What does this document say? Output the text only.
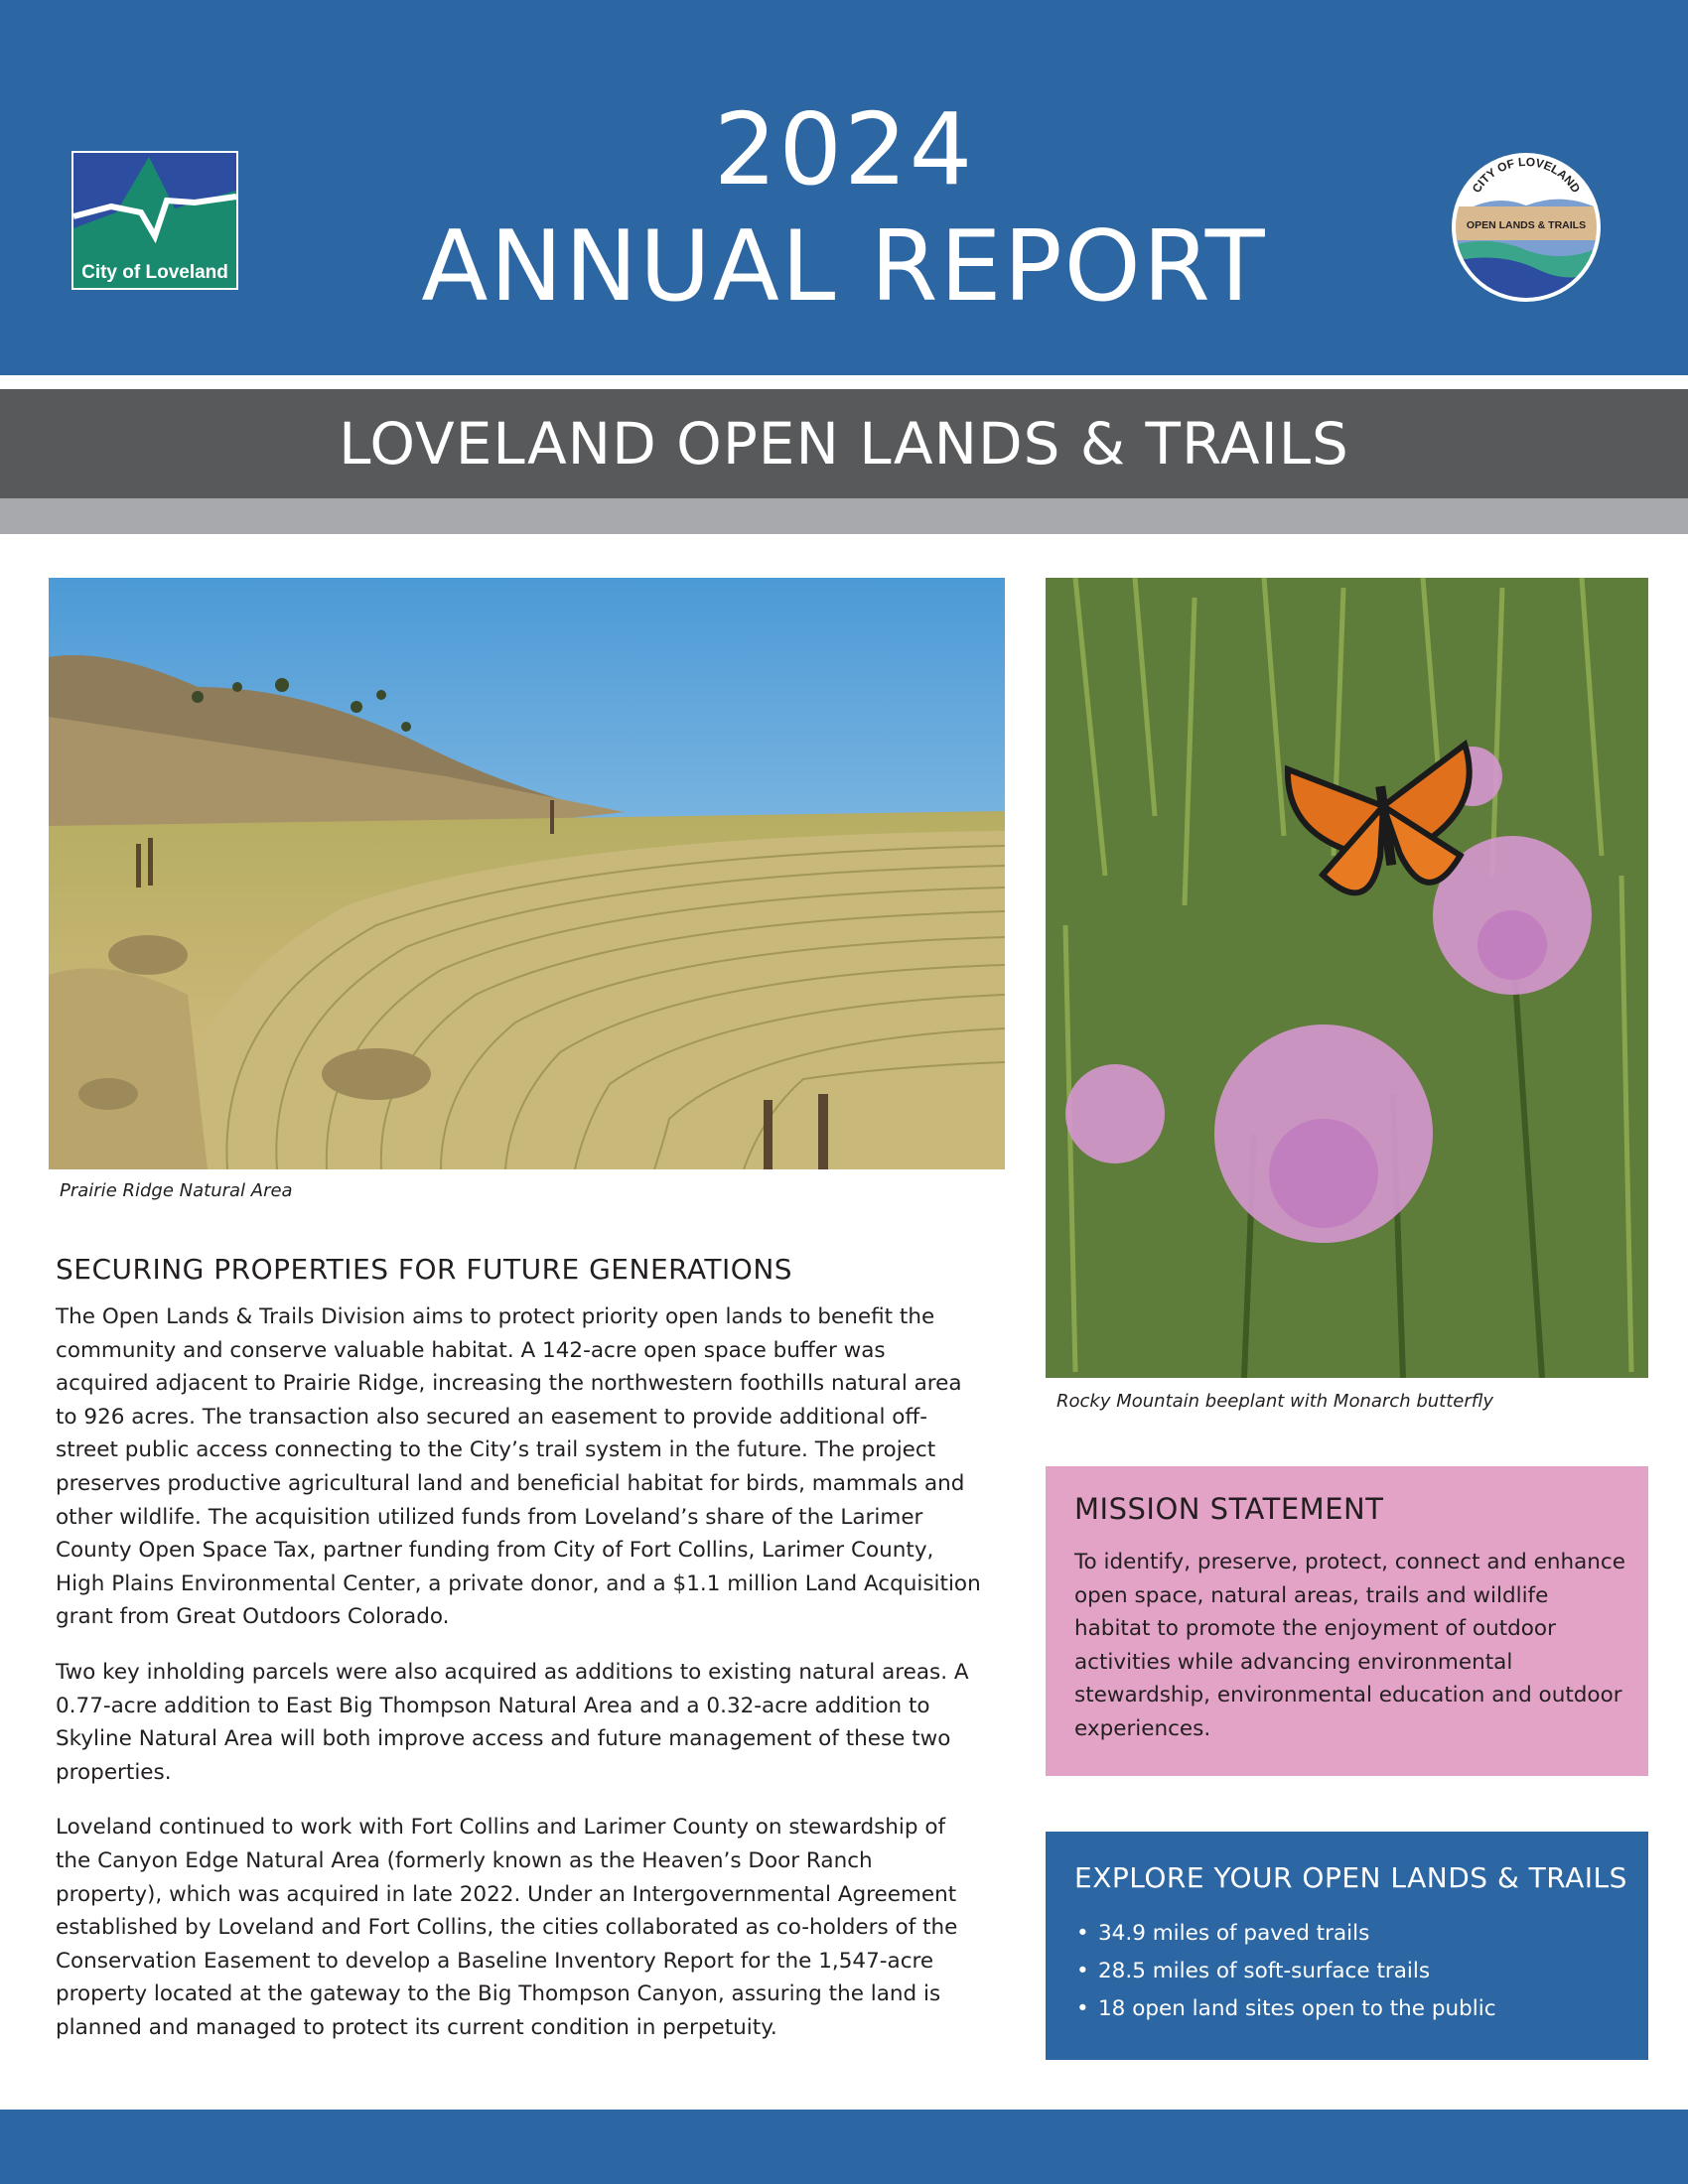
City of Loveland
2024
ANNUAL REPORT
CITY OF LOVELAND
OPEN LANDS & TRAILS
LOVELAND OPEN LANDS & TRAILS
Prairie Ridge Natural Area
Rocky Mountain beeplant with Monarch butterfly
SECURING PROPERTIES FOR FUTURE GENERATIONS

The Open Lands & Trails Division aims to protect priority open lands to benefit the community and conserve valuable habitat. A 142-acre open space buffer was acquired adjacent to Prairie Ridge, increasing the northwestern foothills natural area to 926 acres. The transaction also secured an easement to provide additional off-street public access connecting to the City’s trail system in the future. The project preserves productive agricultural land and beneficial habitat for birds, mammals and other wildlife. The acquisition utilized funds from Loveland’s share of the Larimer County Open Space Tax, partner funding from City of Fort Collins, Larimer County, High Plains Environmental Center, a private donor, and a $1.1 million Land Acquisition grant from Great Outdoors Colorado.

Two key inholding parcels were also acquired as additions to existing natural areas. A 0.77-acre addition to East Big Thompson Natural Area and a 0.32-acre addition to Skyline Natural Area will both improve access and future management of these two properties.

Loveland continued to work with Fort Collins and Larimer County on stewardship of the Canyon Edge Natural Area (formerly known as the Heaven’s Door Ranch property), which was acquired in late 2022. Under an Intergovernmental Agreement established by Loveland and Fort Collins, the cities collaborated as co-holders of the Conservation Easement to develop a Baseline Inventory Report for the 1,547-acre property located at the gateway to the Big Thompson Canyon, assuring the land is planned and managed to protect its current condition in perpetuity.

MISSION STATEMENT

To identify, preserve, protect, connect and enhance open space, natural areas, trails and wildlife habitat to promote the enjoyment of outdoor activities while advancing environmental stewardship, environmental education and outdoor experiences.

EXPLORE YOUR OPEN LANDS & TRAILS
• 34.9 miles of paved trails
• 28.5 miles of soft-surface trails
• 18 open land sites open to the public
